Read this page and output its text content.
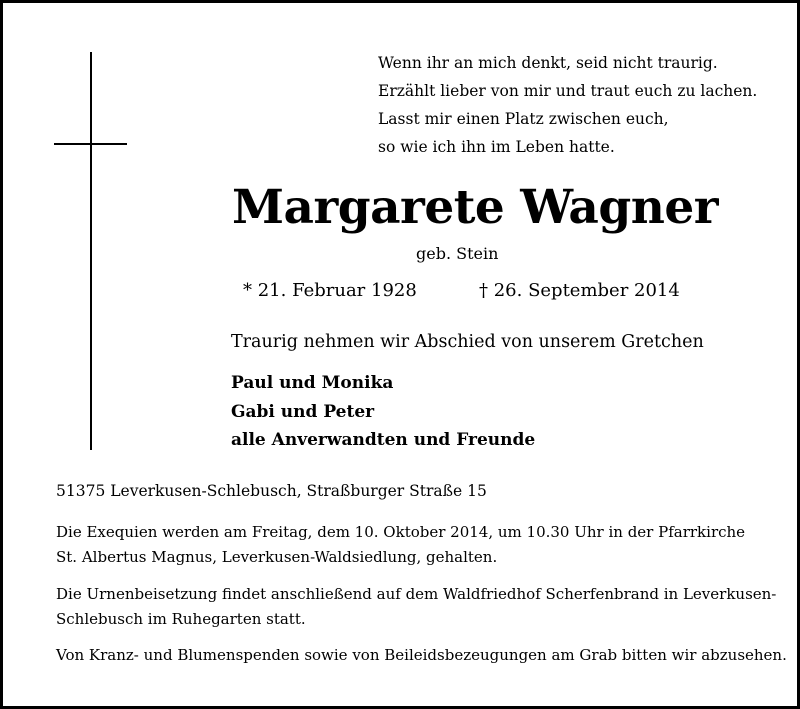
Wenn ihr an mich denkt, seid nicht traurig.
Erzählt lieber von mir und traut euch zu lachen.
Lasst mir einen Platz zwischen euch,
so wie ich ihn im Leben hatte.
Margarete Wagner
geb. Stein
* 21. Februar 1928	† 26. September 2014
Traurig nehmen wir Abschied von unserem Gretchen
Paul und Monika
Gabi und Peter
alle Anverwandten und Freunde
51375 Leverkusen-Schlebusch, Straßburger Straße 15
Die Exequien werden am Freitag, dem 10. Oktober 2014, um 10.30 Uhr in der Pfarrkirche
St. Albertus Magnus, Leverkusen-Waldsiedlung, gehalten.
Die Urnenbeisetzung findet anschließend auf dem Waldfriedhof Scherfenbrand in Leverkusen-
Schlebusch im Ruhegarten statt.
Von Kranz- und Blumenspenden sowie von Beileidsbezeugungen am Grab bitten wir abzusehen.
